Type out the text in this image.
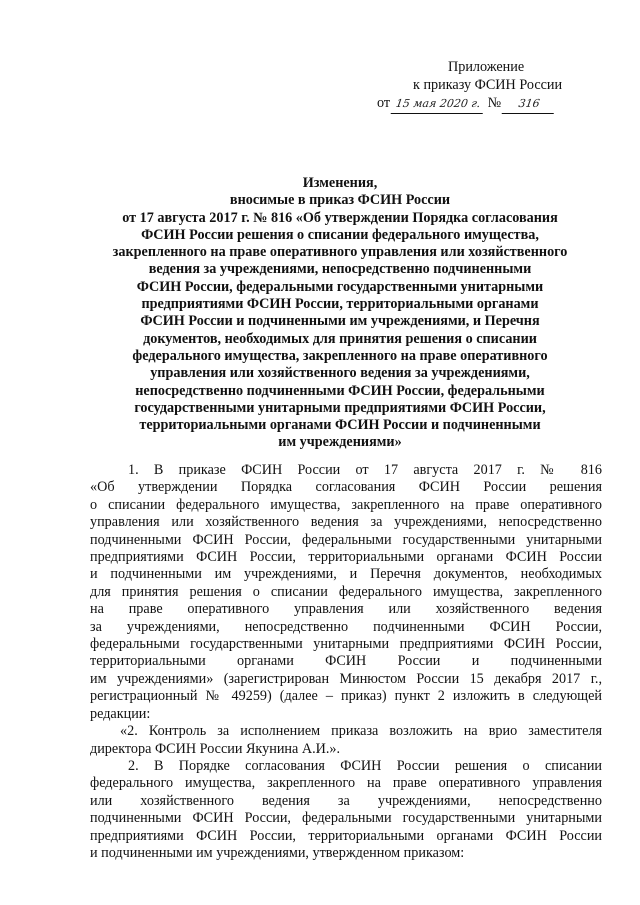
Приложение
к приказу ФСИН России
от 15 мая 2020 г. № 316
Изменения,
вносимые в приказ ФСИН России
от 17 августа 2017 г. № 816 «Об утверждении Порядка согласования
ФСИН России решения о списании федерального имущества,
закрепленного на праве оперативного управления или хозяйственного
ведения за учреждениями, непосредственно подчиненными
ФСИН России, федеральными государственными унитарными
предприятиями ФСИН России, территориальными органами
ФСИН России и подчиненными им учреждениями, и Перечня
документов, необходимых для принятия решения о списании
федерального имущества, закрепленного на праве оперативного
управления или хозяйственного ведения за учреждениями,
непосредственно подчиненными ФСИН России, федеральными
государственными унитарными предприятиями ФСИН России,
территориальными органами ФСИН России и подчиненными
им учреждениями»
1. В приказе ФСИН России от 17 августа 2017 г. № 816
«Об утверждении Порядка согласования ФСИН России решения
о списании федерального имущества, закрепленного на праве оперативного
управления или хозяйственного ведения за учреждениями, непосредственно
подчиненными ФСИН России, федеральными государственными унитарными
предприятиями ФСИН России, территориальными органами ФСИН России
и подчиненными им учреждениями, и Перечня документов, необходимых
для принятия решения о списании федерального имущества, закрепленного
на праве оперативного управления или хозяйственного ведения
за учреждениями, непосредственно подчиненными ФСИН России,
федеральными государственными унитарными предприятиями ФСИН России,
территориальными органами ФСИН России и подчиненными
им учреждениями» (зарегистрирован Минюстом России 15 декабря 2017 г.,
регистрационный № 49259) (далее – приказ) пункт 2 изложить в следующей
редакции:
«2. Контроль за исполнением приказа возложить на врио заместителя
директора ФСИН России Якунина А.И.».
2. В Порядке согласования ФСИН России решения о списании
федерального имущества, закрепленного на праве оперативного управления
или хозяйственного ведения за учреждениями, непосредственно
подчиненными ФСИН России, федеральными государственными унитарными
предприятиями ФСИН России, территориальными органами ФСИН России
и подчиненными им учреждениями, утвержденном приказом:
